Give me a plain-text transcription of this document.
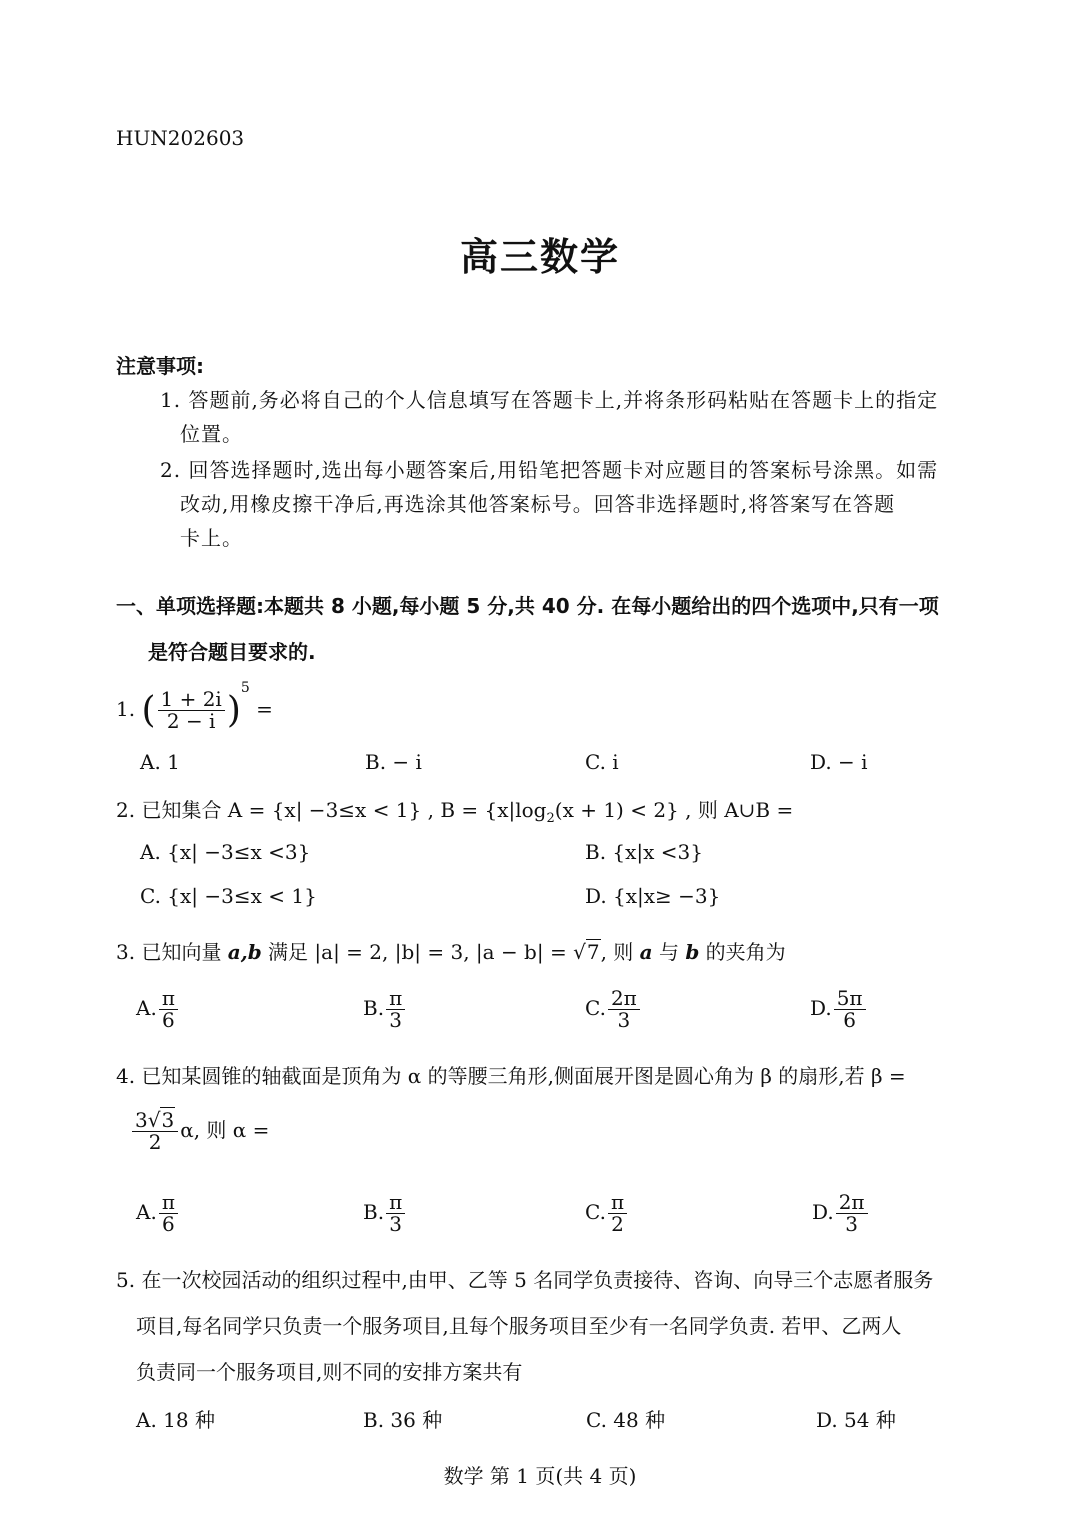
HUN202603
高三数学
注意事项:
1. 答题前,务必将自己的个人信息填写在答题卡上,并将条形码粘贴在答题卡上的指定
位置。
2. 回答选择题时,选出每小题答案后,用铅笔把答题卡对应题目的答案标号涂黑。如需
改动,用橡皮擦干净后,再选涂其他答案标号。回答非选择题时,将答案写在答题
卡上。
一、单项选择题:本题共 8 小题,每小题 5 分,共 40 分. 在每小题给出的四个选项中,只有一项
是符合题目要求的.
1. ( $\frac{1 + 2i}{2 - i} )^5$ =
A. 1	B. − i	C. i	D. − i
2. 已知集合 A = {x| −3≤x < 1} , $B = \{x|\log_2(x + 1) < 2\}$ , 则 A∪B =
A. {x| −3≤x <3}	B. {x|x <3}
C. {x| −3≤x < 1}	D. {x|x≥ −3}
3. 已知向量 a,b 满足 |a| = 2, |b| = 3, |a − b| = √7, 则 a 与 b 的夹角为
A. $\frac{\pi}{6}$	B. $\frac{\pi}{3}$	C. $\frac{2\pi}{3}$	D. $\frac{5\pi}{6}$
4. 已知某圆锥的轴截面是顶角为 α 的等腰三角形,侧面展开图是圆心角为 β 的扇形,若 β =
$\frac{3√3}{2} \alpha$, 则 α =
A. $\frac{\pi}{6}$	B. $\frac{\pi}{3}$	C. $\frac{\pi}{2}$	D. $\frac{2\pi}{3}$
5. 在一次校园活动的组织过程中,由甲、乙等 5 名同学负责接待、咨询、向导三个志愿者服务
项目,每名同学只负责一个服务项目,且每个服务项目至少有一名同学负责. 若甲、乙两人
负责同一个服务项目,则不同的安排方案共有
A. 18 种	B. 36 种	C. 48 种	D. 54 种
数学 第 1 页(共 4 页)
